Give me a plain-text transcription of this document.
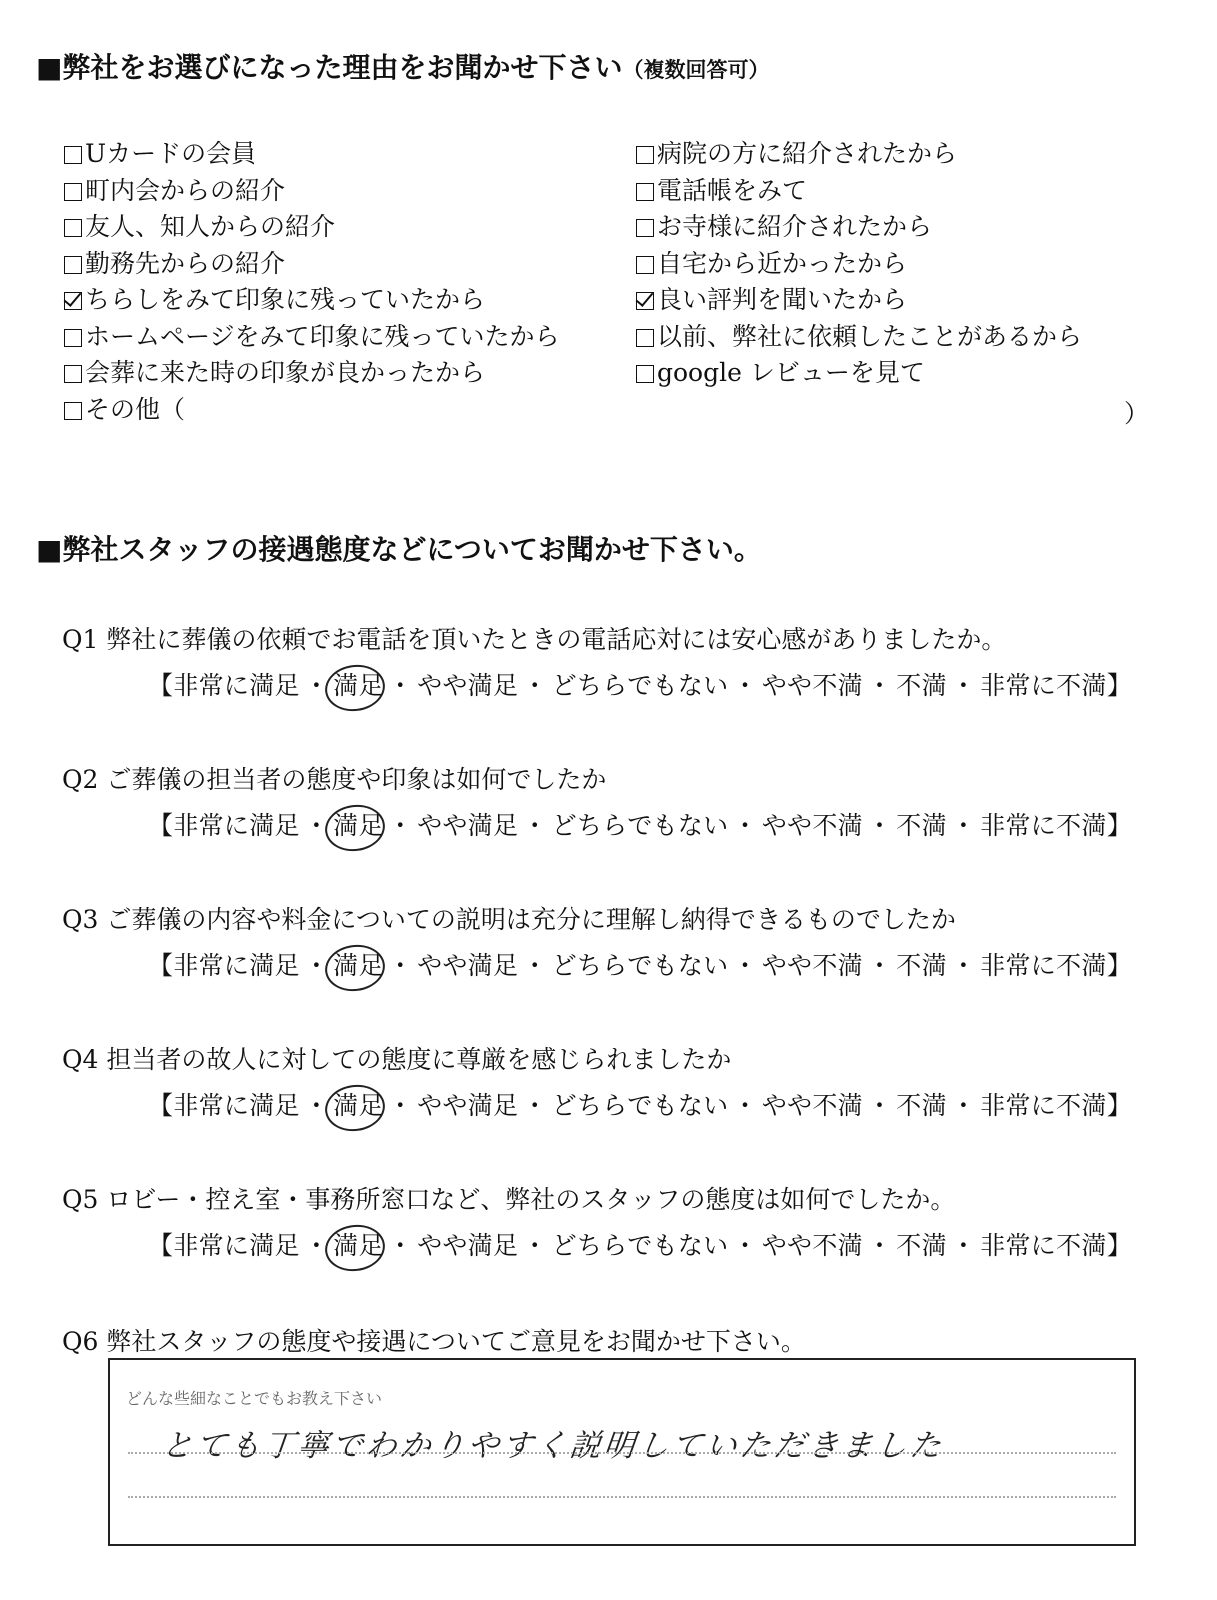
■弊社をお選びになった理由をお聞かせ下さい（複数回答可）
Uカードの会員
町内会からの紹介
友人、知人からの紹介
勤務先からの紹介
ちらしをみて印象に残っていたから
ホームページをみて印象に残っていたから
会葬に来た時の印象が良かったから
その他（
病院の方に紹介されたから
電話帳をみて
お寺様に紹介されたから
自宅から近かったから
良い評判を聞いたから
以前、弊社に依頼したことがあるから
google レビューを見て
）
■弊社スタッフの接遇態度などについてお聞かせ下さい。
Q1 弊社に葬儀の依頼でお電話を頂いたときの電話応対には安心感がありましたか。
【非常に満足 ・ 満足 ・ やや満足 ・ どちらでもない ・ やや不満 ・ 不満 ・ 非常に不満】
Q2 ご葬儀の担当者の態度や印象は如何でしたか
【非常に満足 ・ 満足 ・ やや満足 ・ どちらでもない ・ やや不満 ・ 不満 ・ 非常に不満】
Q3 ご葬儀の内容や料金についての説明は充分に理解し納得できるものでしたか
【非常に満足 ・ 満足 ・ やや満足 ・ どちらでもない ・ やや不満 ・ 不満 ・ 非常に不満】
Q4 担当者の故人に対しての態度に尊厳を感じられましたか
【非常に満足 ・ 満足 ・ やや満足 ・ どちらでもない ・ やや不満 ・ 不満 ・ 非常に不満】
Q5 ロビー・控え室・事務所窓口など、弊社のスタッフの態度は如何でしたか。
【非常に満足 ・ 満足 ・ やや満足 ・ どちらでもない ・ やや不満 ・ 不満 ・ 非常に不満】
Q6 弊社スタッフの態度や接遇についてご意見をお聞かせ下さい。
どんな些細なことでもお教え下さい
とても丁寧でわかりやすく説明していただきました
